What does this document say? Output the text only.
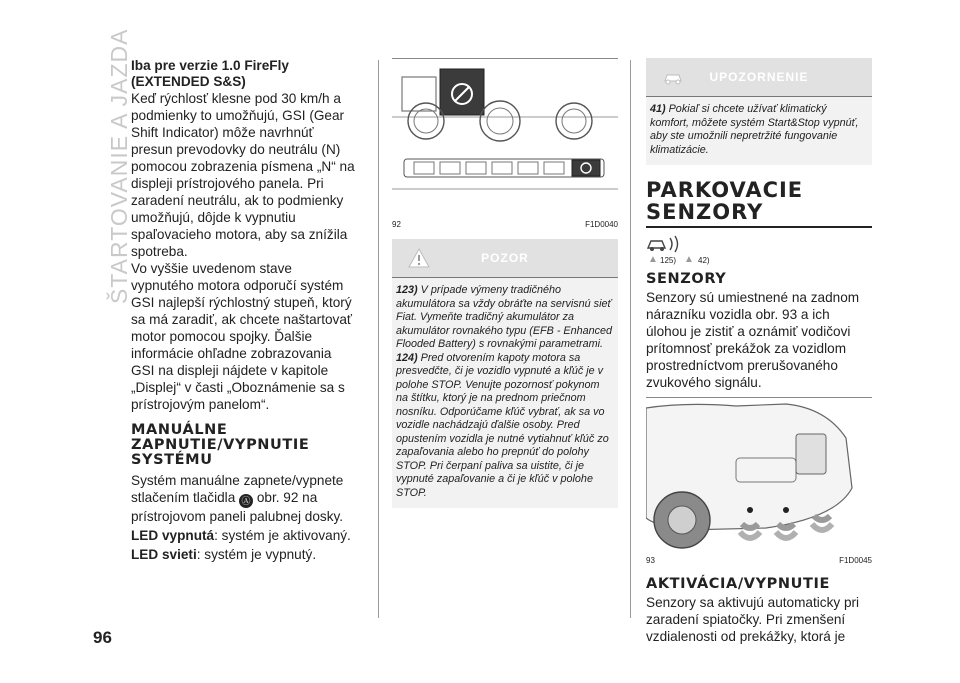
ŠTARTOVANIE A JAZDA
96

Iba pre verzie 1.0 FireFly

(EXTENDED S&S)

Keď rýchlosť klesne pod 30 km/h a podmienky to umožňujú, GSI (Gear Shift Indicator) môže navrhnúť presun prevodovky do neutrálu (N) pomocou zobrazenia písmena „N“ na displeji prístrojového panela. Pri zaradení neutrálu, ak to podmienky umožňujú, dôjde k vypnutiu spaľovacieho motora, aby sa znížila spotreba.

Vo vyššie uvedenom stave vypnutého motora odporučí systém GSI najlepší rýchlostný stupeň, ktorý sa má zaradiť, ak chcete naštartovať motor pomocou spojky. Ďalšie informácie ohľadne zobrazovania GSI na displeji nájdete v kapitole „Displej“ v časti „Oboznámenie sa s prístrojovým panelom“.

MANUÁLNE ZAPNUTIE/VYPNUTIE SYSTÉMU

Systém manuálne zapnete/vypnete stlačením tlačidla Ⓐ obr. 92 na prístrojovom paneli palubnej dosky.

LED vypnutá: systém je aktivovaný.

LED svieti: systém je vypnutý.

92	F1D0040
POZOR
123) V prípade výmeny tradičného akumulátora sa vždy obráťte na servisnú sieť Fiat. Vymeňte tradičný akumulátor za akumulátor rovnakého typu (EFB - Enhanced Flooded Battery) s rovnakými parametrami.
124) Pred otvorením kapoty motora sa presvedčte, či je vozidlo vypnuté a kľúč je v polohe STOP. Venujte pozornosť pokynom na štítku, ktorý je na prednom priečnom nosníku. Odporúčame kľúč vybrať, ak sa vo vozidle nachádzajú ďalšie osoby. Pred opustením vozidla je nutné vytiahnuť kľúč zo zapaľovania alebo ho prepnúť do polohy STOP. Pri čerpaní paliva sa uistite, či je vypnuté zapaľovanie a či je kľúč v polohe STOP.
UPOZORNENIE
41) Pokiaľ si chcete užívať klimatický komfort, môžete systém Start&Stop vypnúť, aby ste umožnili nepretržité fungovanie klimatizácie.
PARKOVACIE SENZORY
▲ 125) ▲ 42)
SENZORY

Senzory sú umiestnené na zadnom nárazníku vozidla obr. 93 a ich úlohou je zistiť a oznámiť vodičovi prítomnosť prekážok za vozidlom prostredníctvom prerušovaného zvukového signálu.

93	F1D0045
AKTIVÁCIA/VYPNUTIE

Senzory sa aktivujú automaticky pri zaradení spiatočky. Pri zmenšení vzdialenosti od prekážky, ktorá je
